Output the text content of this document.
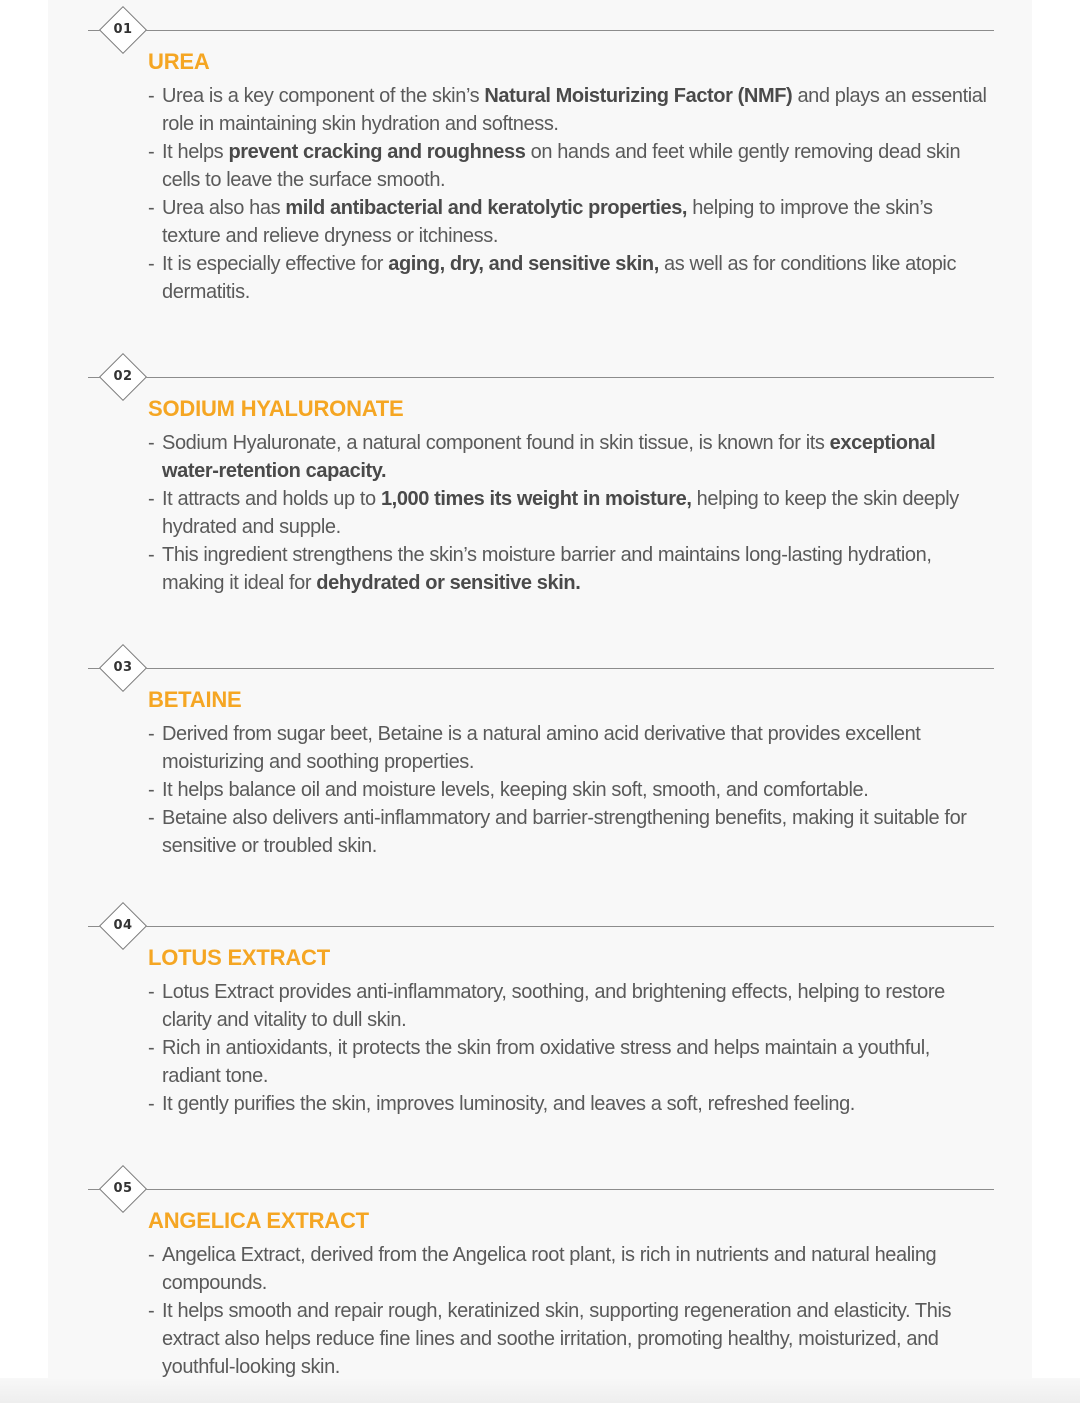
01
UREA
- Urea is a key component of the skin’s Natural Moisturizing Factor (NMF) and plays an essential role in maintaining skin hydration and softness.
- It helps prevent cracking and roughness on hands and feet while gently removing dead skin cells to leave the surface smooth.
- Urea also has mild antibacterial and keratolytic properties, helping to improve the skin’s texture and relieve dryness or itchiness.
- It is especially effective for aging, dry, and sensitive skin, as well as for conditions like atopic dermatitis.
02
SODIUM HYALURONATE
- Sodium Hyaluronate, a natural component found in skin tissue, is known for its exceptional water-retention capacity.
- It attracts and holds up to 1,000 times its weight in moisture, helping to keep the skin deeply hydrated and supple.
- This ingredient strengthens the skin’s moisture barrier and maintains long-lasting hydration, making it ideal for dehydrated or sensitive skin.
03
BETAINE
- Derived from sugar beet, Betaine is a natural amino acid derivative that provides excellent moisturizing and soothing properties.
- It helps balance oil and moisture levels, keeping skin soft, smooth, and comfortable.
- Betaine also delivers anti-inflammatory and barrier-strengthening benefits, making it suitable for sensitive or troubled skin.
04
LOTUS EXTRACT
- Lotus Extract provides anti-inflammatory, soothing, and brightening effects, helping to restore clarity and vitality to dull skin.
- Rich in antioxidants, it protects the skin from oxidative stress and helps maintain a youthful, radiant tone.
- It gently purifies the skin, improves luminosity, and leaves a soft, refreshed feeling.
05
ANGELICA EXTRACT
- Angelica Extract, derived from the Angelica root plant, is rich in nutrients and natural healing compounds.
- It helps smooth and repair rough, keratinized skin, supporting regeneration and elasticity. This extract also helps reduce fine lines and soothe irritation, promoting healthy, moisturized, and youthful-looking skin.
